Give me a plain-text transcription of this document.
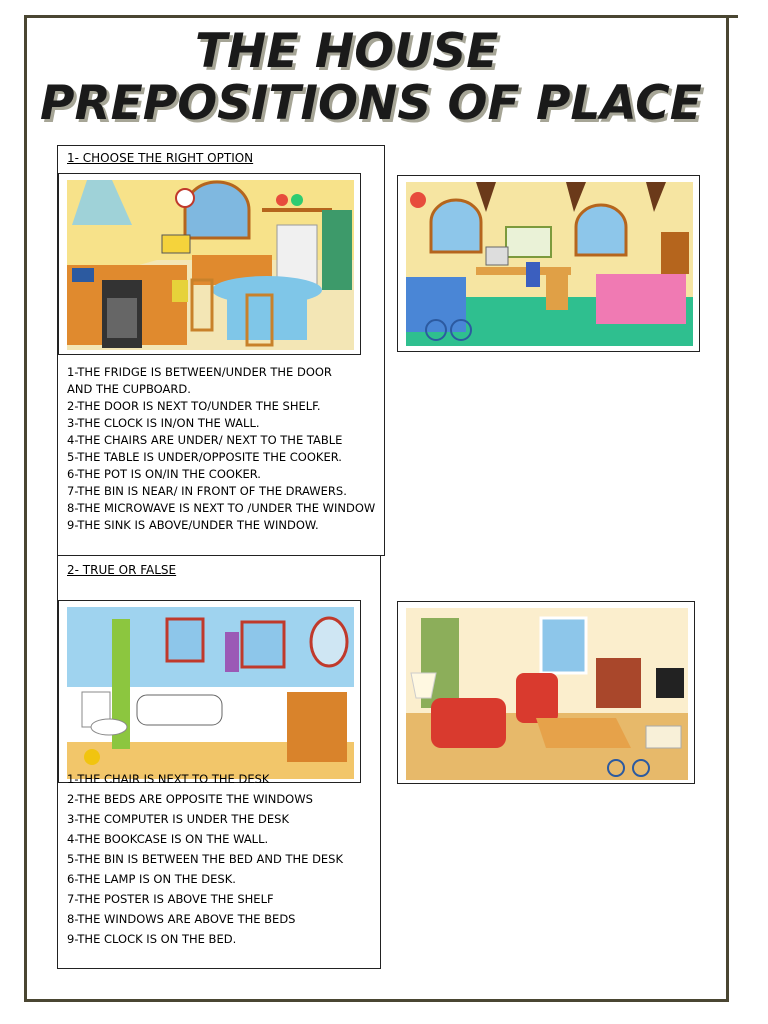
THE HOUSE
PREPOSITIONS OF PLACE
1- CHOOSE THE RIGHT OPTION
1-THE FRIDGE IS BETWEEN/UNDER THE DOOR
AND THE CUPBOARD.
2-THE DOOR IS NEXT TO/UNDER THE SHELF.
3-THE CLOCK IS IN/ON THE WALL.
4-THE CHAIRS ARE UNDER/ NEXT TO THE TABLE
5-THE TABLE IS UNDER/OPPOSITE THE COOKER.
6-THE POT IS ON/IN THE COOKER.
7-THE BIN IS NEAR/ IN FRONT OF THE DRAWERS.
8-THE MICROWAVE IS NEXT TO /UNDER THE WINDOW
9-THE SINK IS ABOVE/UNDER THE WINDOW.
2- TRUE OR FALSE
1-THE CHAIR IS NEXT TO THE DESK
2-THE BEDS ARE OPPOSITE THE WINDOWS
3-THE COMPUTER IS UNDER THE DESK
4-THE BOOKCASE IS ON THE WALL.
5-THE BIN IS BETWEEN THE BED AND THE DESK
6-THE LAMP IS ON THE DESK.
7-THE POSTER IS ABOVE THE SHELF
8-THE WINDOWS ARE ABOVE THE BEDS
9-THE CLOCK IS ON THE BED.
